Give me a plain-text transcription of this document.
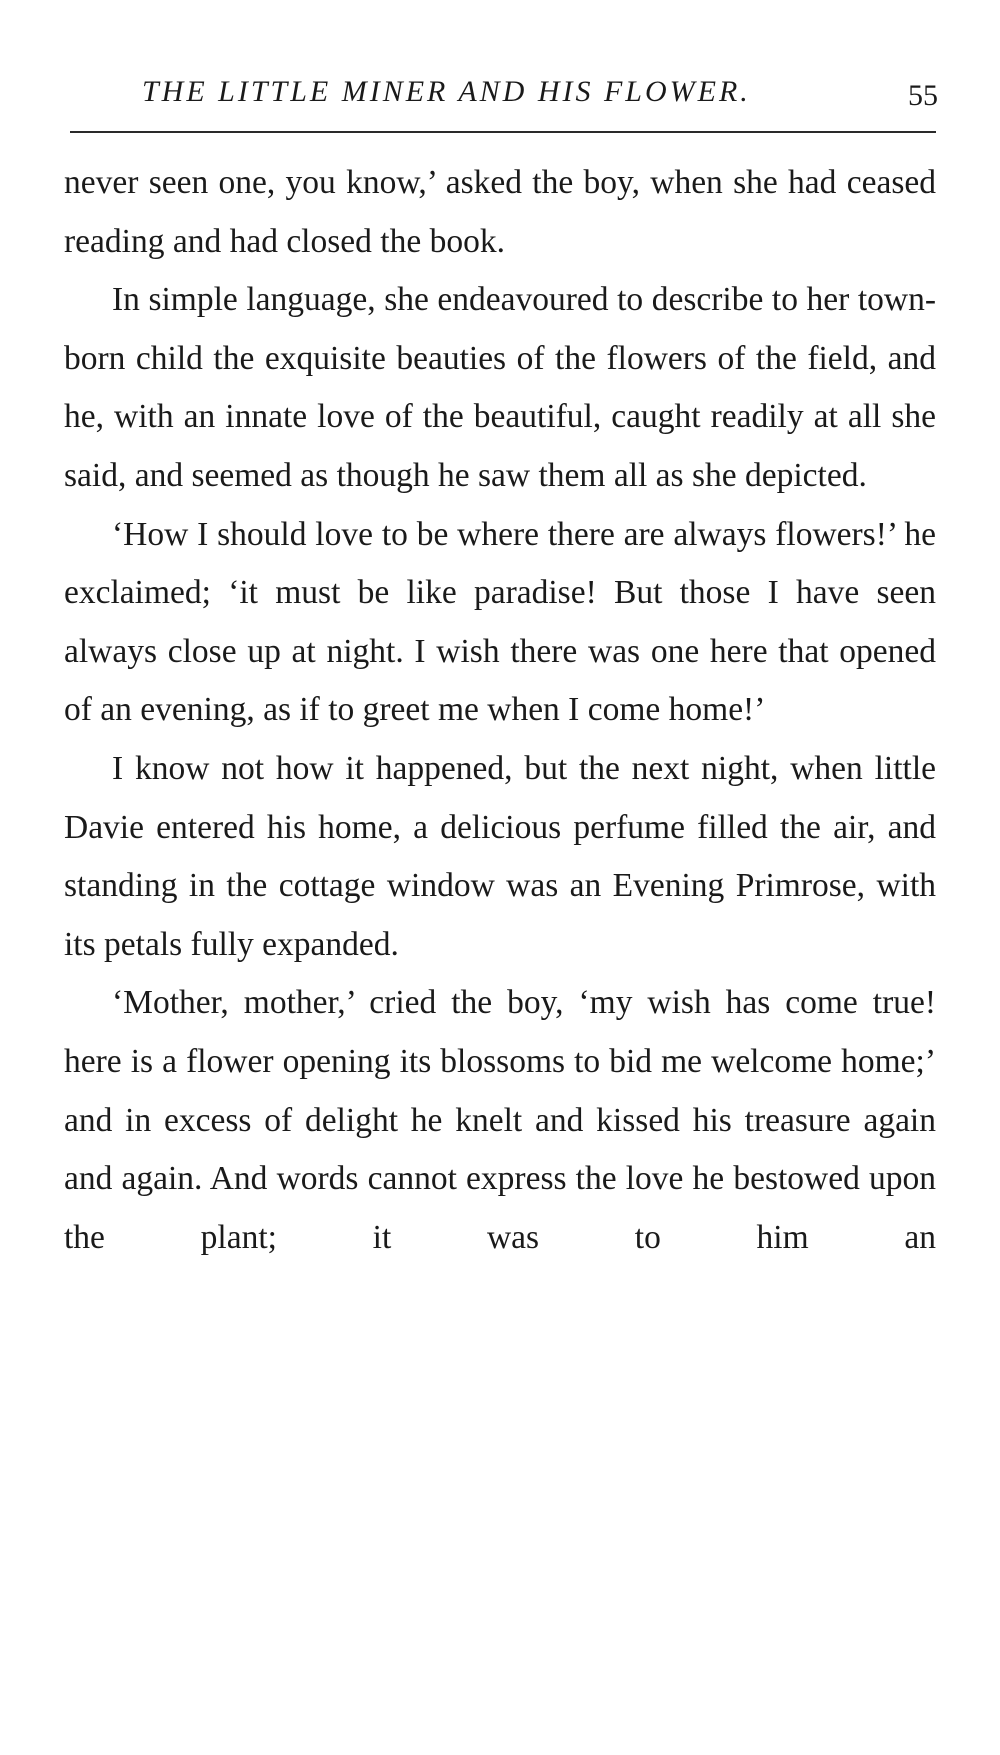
THE LITTLE MINER AND HIS FLOWER.	55

never seen one, you know,’ asked the boy, when she had ceased reading and had closed the book.

In simple language, she endeavoured to describe to her town-born child the exquisite beauties of the flowers of the field, and he, with an innate love of the beautiful, caught readily at all she said, and seemed as though he saw them all as she depicted.

‘How I should love to be where there are always flowers!’ he exclaimed; ‘it must be like paradise! But those I have seen always close up at night. I wish there was one here that opened of an evening, as if to greet me when I come home!’

I know not how it happened, but the next night, when little Davie entered his home, a delicious perfume filled the air, and standing in the cottage window was an Evening Primrose, with its petals fully expanded.

‘Mother, mother,’ cried the boy, ‘my wish has come true! here is a flower opening its blossoms to bid me welcome home;’ and in excess of delight he knelt and kissed his treasure again and again. And words cannot express the love he bestowed upon the plant; it was to him an
